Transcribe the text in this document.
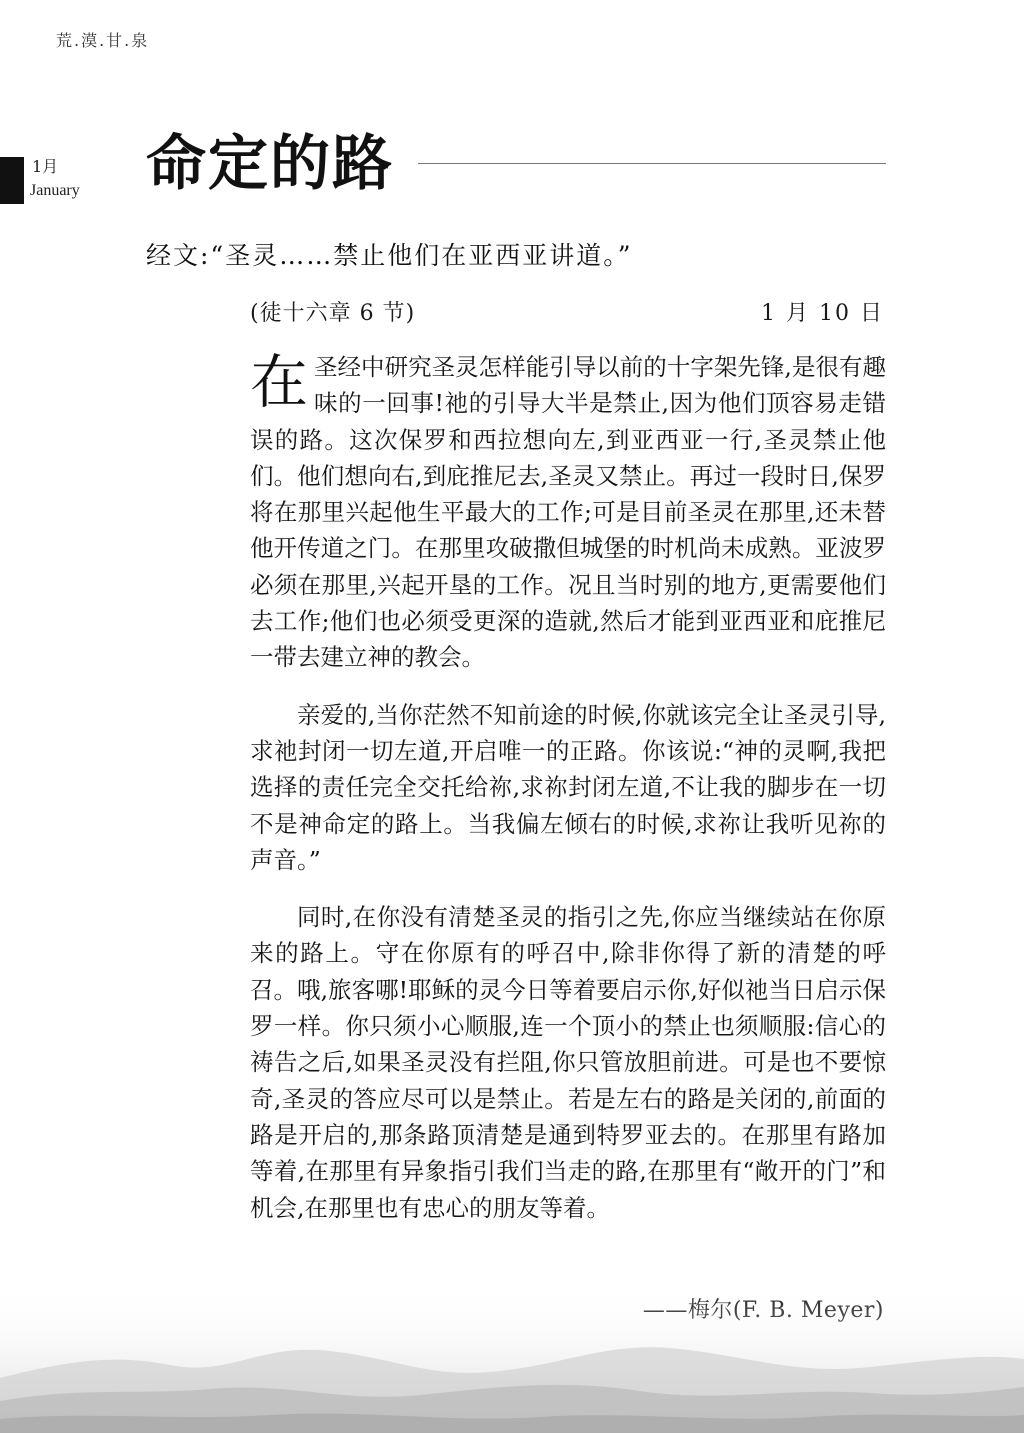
荒.漠.甘.泉
1月
January 命定的路
经文:“圣灵……禁止他们在亚西亚讲道。”
(徒十六章 6 节)	1 月 10 日

在圣经中研究圣灵怎样能引导以前的十字架先锋,是很有趣味的一回事!祂的引导大半是禁止,因为他们顶容易走错误的路。这次保罗和西拉想向左,到亚西亚一行,圣灵禁止他们。他们想向右,到庇推尼去,圣灵又禁止。再过一段时日,保罗将在那里兴起他生平最大的工作;可是目前圣灵在那里,还未替他开传道之门。在那里攻破撒但城堡的时机尚未成熟。亚波罗必须在那里,兴起开垦的工作。况且当时别的地方,更需要他们去工作;他们也必须受更深的造就,然后才能到亚西亚和庇推尼一带去建立神的教会。

亲爱的,当你茫然不知前途的时候,你就该完全让圣灵引导,求祂封闭一切左道,开启唯一的正路。你该说:“神的灵啊,我把选择的责任完全交托给祢,求祢封闭左道,不让我的脚步在一切不是神命定的路上。当我偏左倾右的时候,求祢让我听见祢的声音。”

同时,在你没有清楚圣灵的指引之先,你应当继续站在你原来的路上。守在你原有的呼召中,除非你得了新的清楚的呼召。哦,旅客哪!耶稣的灵今日等着要启示你,好似祂当日启示保罗一样。你只须小心顺服,连一个顶小的禁止也须顺服:信心的祷告之后,如果圣灵没有拦阻,你只管放胆前进。可是也不要惊奇,圣灵的答应尽可以是禁止。若是左右的路是关闭的,前面的路是开启的,那条路顶清楚是通到特罗亚去的。在那里有路加等着,在那里有异象指引我们当走的路,在那里有“敞开的门”和机会,在那里也有忠心的朋友等着。
